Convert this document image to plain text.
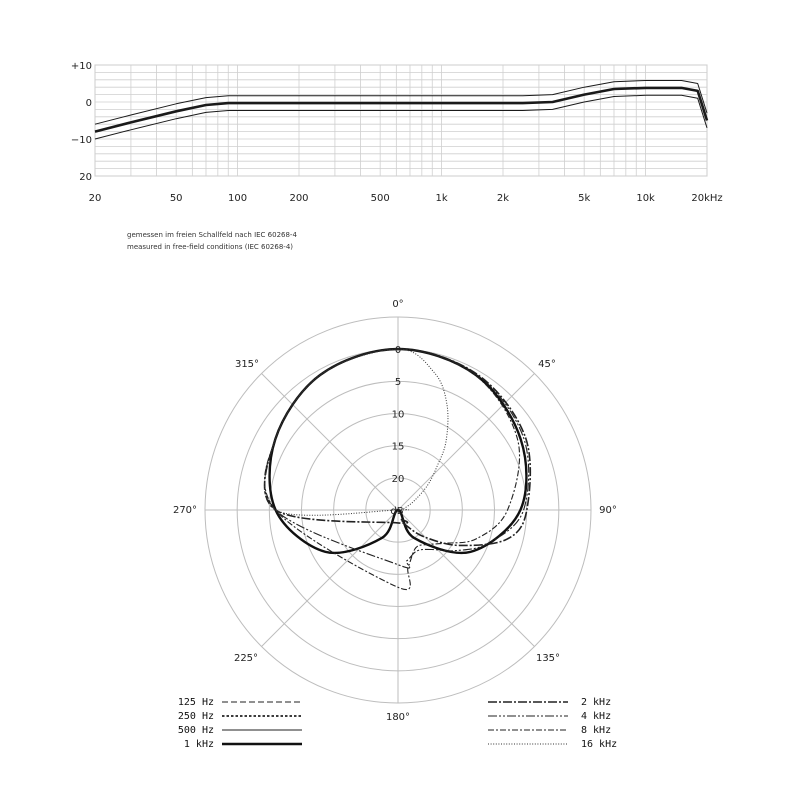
+10
0
−10
20
20	50	100	200	500	1k	2k	5k	10k	20kHz
gemessen im freien Schallfeld nach IEC 60268-4
measured in free-field conditions (IEC 60268-4)
0°
45°
90°
135°
180°
225°
270°
315°
0
5
10
15
20
dB
125 Hz
250 Hz
500 Hz
1 kHz
2 kHz
4 kHz
8 kHz
16 kHz
